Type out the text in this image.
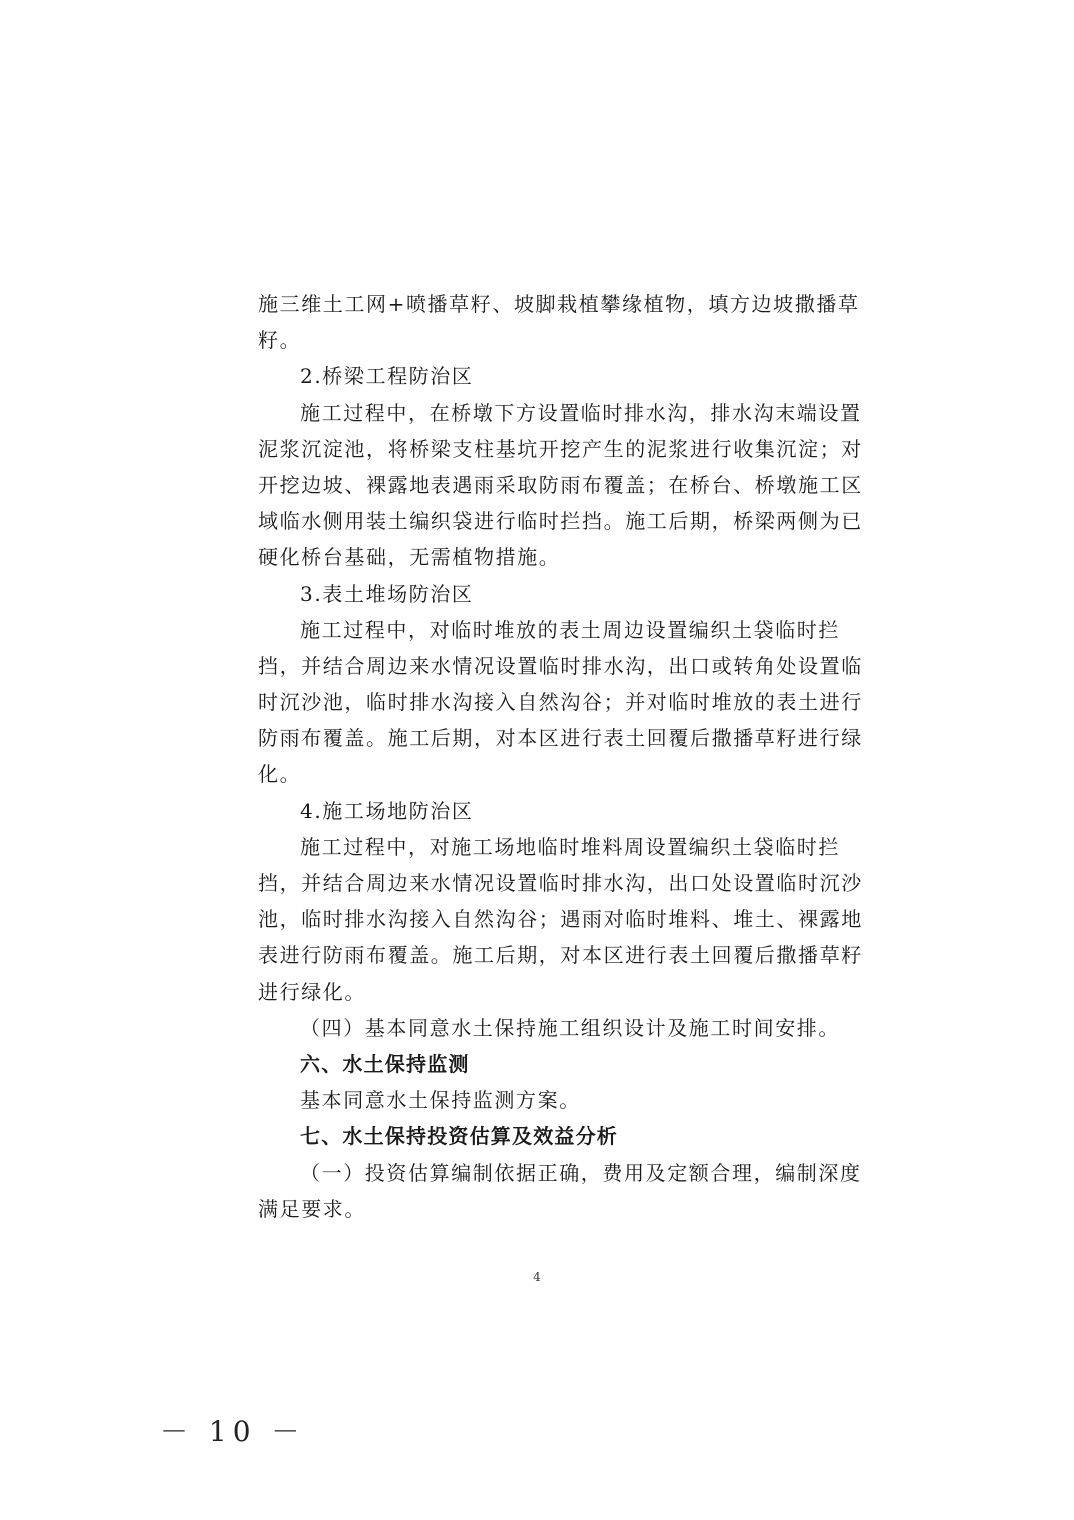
施三维土工网+喷播草籽、坡脚栽植攀缘植物，填方边坡撒播草
籽。
2.桥梁工程防治区
施工过程中，在桥墩下方设置临时排水沟，排水沟末端设置
泥浆沉淀池，将桥梁支柱基坑开挖产生的泥浆进行收集沉淀；对
开挖边坡、裸露地表遇雨采取防雨布覆盖；在桥台、桥墩施工区
域临水侧用装土编织袋进行临时拦挡。施工后期，桥梁两侧为已
硬化桥台基础，无需植物措施。
3.表土堆场防治区
施工过程中，对临时堆放的表土周边设置编织土袋临时拦
挡，并结合周边来水情况设置临时排水沟，出口或转角处设置临
时沉沙池，临时排水沟接入自然沟谷；并对临时堆放的表土进行
防雨布覆盖。施工后期，对本区进行表土回覆后撒播草籽进行绿
化。
4.施工场地防治区
施工过程中，对施工场地临时堆料周设置编织土袋临时拦
挡，并结合周边来水情况设置临时排水沟，出口处设置临时沉沙
池，临时排水沟接入自然沟谷；遇雨对临时堆料、堆土、裸露地
表进行防雨布覆盖。施工后期，对本区进行表土回覆后撒播草籽
进行绿化。
（四）基本同意水土保持施工组织设计及施工时间安排。
六、水土保持监测
基本同意水土保持监测方案。
七、水土保持投资估算及效益分析
（一）投资估算编制依据正确，费用及定额合理，编制深度
满足要求。
4
－ 10 －
